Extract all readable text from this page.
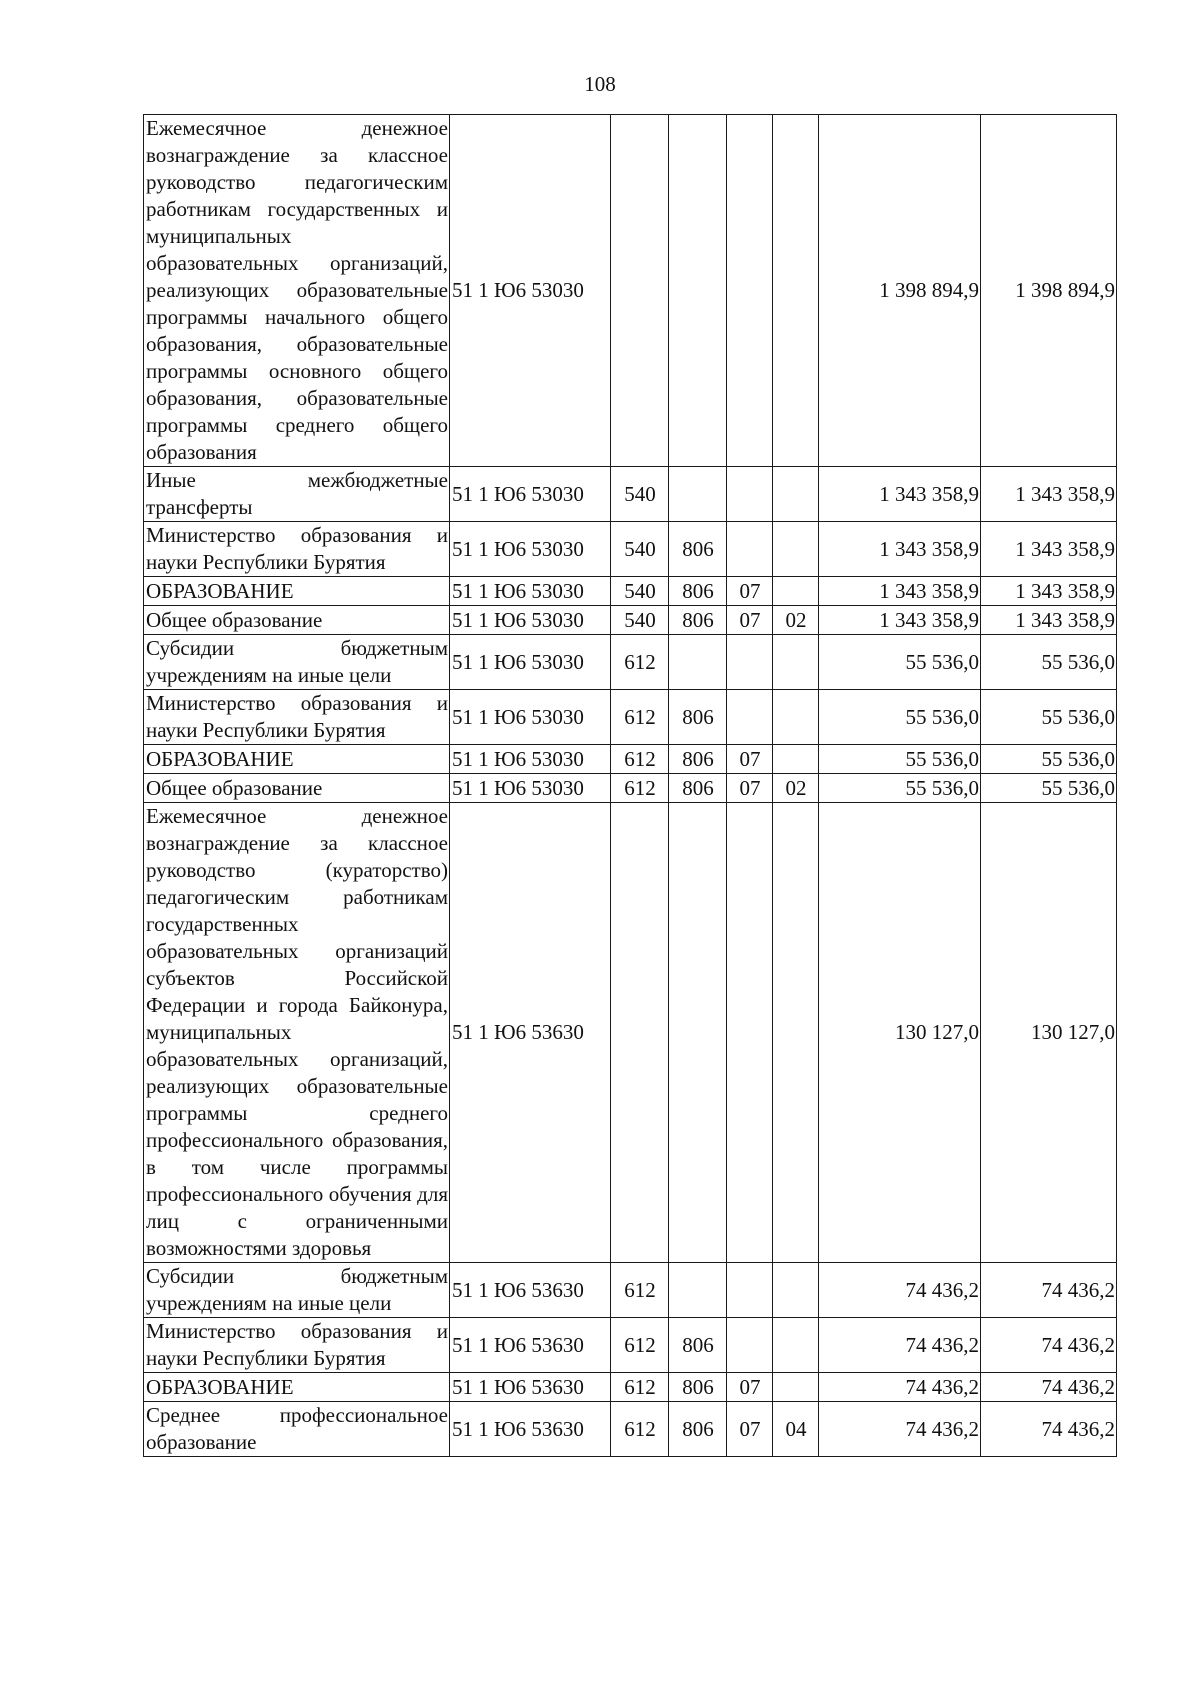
108
Ежемесячное денежное вознаграждение за классное руководство педагогическим работникам государственных и муниципальных образовательных организаций, реализующих образовательные программы начального общего образования, образовательные программы основного общего образования, образовательные программы среднего общего образования	51 1 Ю6 53030					1 398 894,9	1 398 894,9
Иные межбюджетные трансферты	51 1 Ю6 53030	540				1 343 358,9	1 343 358,9
Министерство образования и науки Республики Бурятия	51 1 Ю6 53030	540	806			1 343 358,9	1 343 358,9
ОБРАЗОВАНИЕ	51 1 Ю6 53030	540	806	07		1 343 358,9	1 343 358,9
Общее образование	51 1 Ю6 53030	540	806	07	02	1 343 358,9	1 343 358,9
Субсидии бюджетным учреждениям на иные цели	51 1 Ю6 53030	612				55 536,0	55 536,0
Министерство образования и науки Республики Бурятия	51 1 Ю6 53030	612	806			55 536,0	55 536,0
ОБРАЗОВАНИЕ	51 1 Ю6 53030	612	806	07		55 536,0	55 536,0
Общее образование	51 1 Ю6 53030	612	806	07	02	55 536,0	55 536,0
Ежемесячное денежное вознаграждение за классное руководство (кураторство) педагогическим работникам государственных образовательных организаций субъектов Российской Федерации и города Байконура, муниципальных образовательных организаций, реализующих образовательные программы среднего профессионального образования, в том числе программы профессионального обучения для лиц с ограниченными возможностями здоровья	51 1 Ю6 53630					130 127,0	130 127,0
Субсидии бюджетным учреждениям на иные цели	51 1 Ю6 53630	612				74 436,2	74 436,2
Министерство образования и науки Республики Бурятия	51 1 Ю6 53630	612	806			74 436,2	74 436,2
ОБРАЗОВАНИЕ	51 1 Ю6 53630	612	806	07		74 436,2	74 436,2
Среднее профессиональное образование	51 1 Ю6 53630	612	806	07	04	74 436,2	74 436,2
